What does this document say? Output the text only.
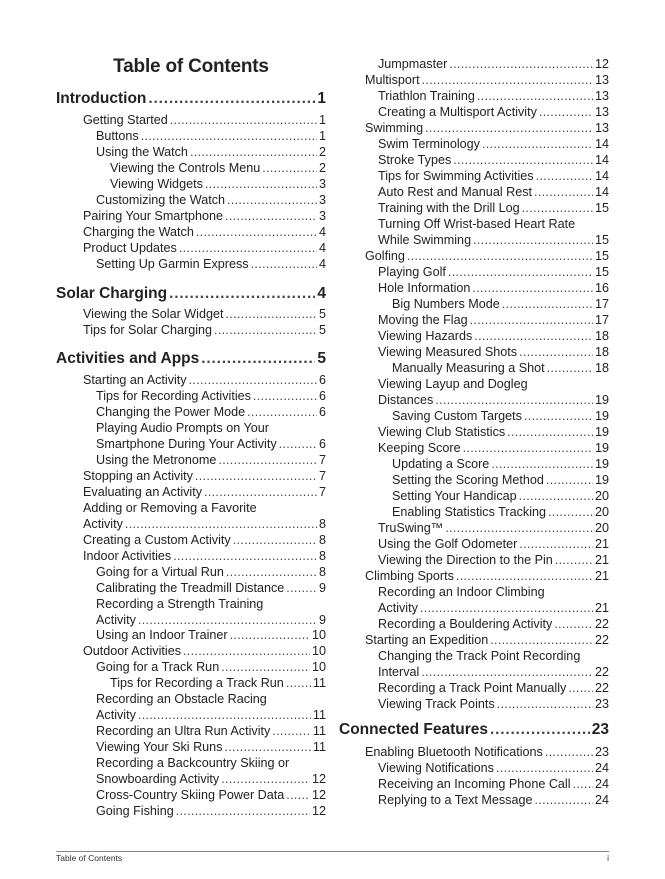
Table of Contents
Introduction .....	1
Getting Started .....	1
Buttons .....	1
Using the Watch .....	2
Viewing the Controls Menu .....	2
Viewing Widgets .....	3
Customizing the Watch .....	3
Pairing Your Smartphone .....	3
Charging the Watch .....	4
Product Updates .....	4
Setting Up Garmin Express .....	4
Solar Charging .....	4
Viewing the Solar Widget .....	5
Tips for Solar Charging .....	5
Activities and Apps .....	5
Starting an Activity .....	6
Tips for Recording Activities .....	6
Changing the Power Mode .....	6
Playing Audio Prompts on Your
Smartphone During Your Activity .....	6
Using the Metronome .....	7
Stopping an Activity .....	7
Evaluating an Activity .....	7
Adding or Removing a Favorite
Activity .....	8
Creating a Custom Activity .....	8
Indoor Activities .....	8
Going for a Virtual Run .....	8
Calibrating the Treadmill Distance .....	9
Recording a Strength Training
Activity .....	9
Using an Indoor Trainer .....	10
Outdoor Activities .....	10
Going for a Track Run .....	10
Tips for Recording a Track Run ..... 11
Recording an Obstacle Racing
Activity .....	11
Recording an Ultra Run Activity .....	11
Viewing Your Ski Runs .....	11
Recording a Backcountry Skiing or
Snowboarding Activity .....	12
Cross-Country Skiing Power Data ..... 12
Going Fishing .....	12
Jumpmaster .....	12
Multisport .....	13
Triathlon Training .....	13
Creating a Multisport Activity .....	13
Swimming .....	13
Swim Terminology .....	14
Stroke Types .....	14
Tips for Swimming Activities .....	14
Auto Rest and Manual Rest .....	14
Training with the Drill Log .....	15
Turning Off Wrist-based Heart Rate
While Swimming .....	15
Golfing .....	15
Playing Golf .....	15
Hole Information .....	16
Big Numbers Mode .....	17
Moving the Flag .....	17
Viewing Hazards .....	18
Viewing Measured Shots .....	18
Manually Measuring a Shot .....	18
Viewing Layup and Dogleg
Distances .....	19
Saving Custom Targets .....	19
Viewing Club Statistics .....	19
Keeping Score .....	19
Updating a Score .....	19
Setting the Scoring Method .....	19
Setting Your Handicap .....	20
Enabling Statistics Tracking .....	20
TruSwing™ .....	20
Using the Golf Odometer .....	21
Viewing the Direction to the Pin .....	21
Climbing Sports .....	21
Recording an Indoor Climbing
Activity .....	21
Recording a Bouldering Activity .....	22
Starting an Expedition .....	22
Changing the Track Point Recording
Interval .....	22
Recording a Track Point Manually ..... 22
Viewing Track Points .....	23
Connected Features .....	23
Enabling Bluetooth Notifications .....	23
Viewing Notifications .....	24
Receiving an Incoming Phone Call ..... 24
Replying to a Text Message .....	24
Table of Contents	i
